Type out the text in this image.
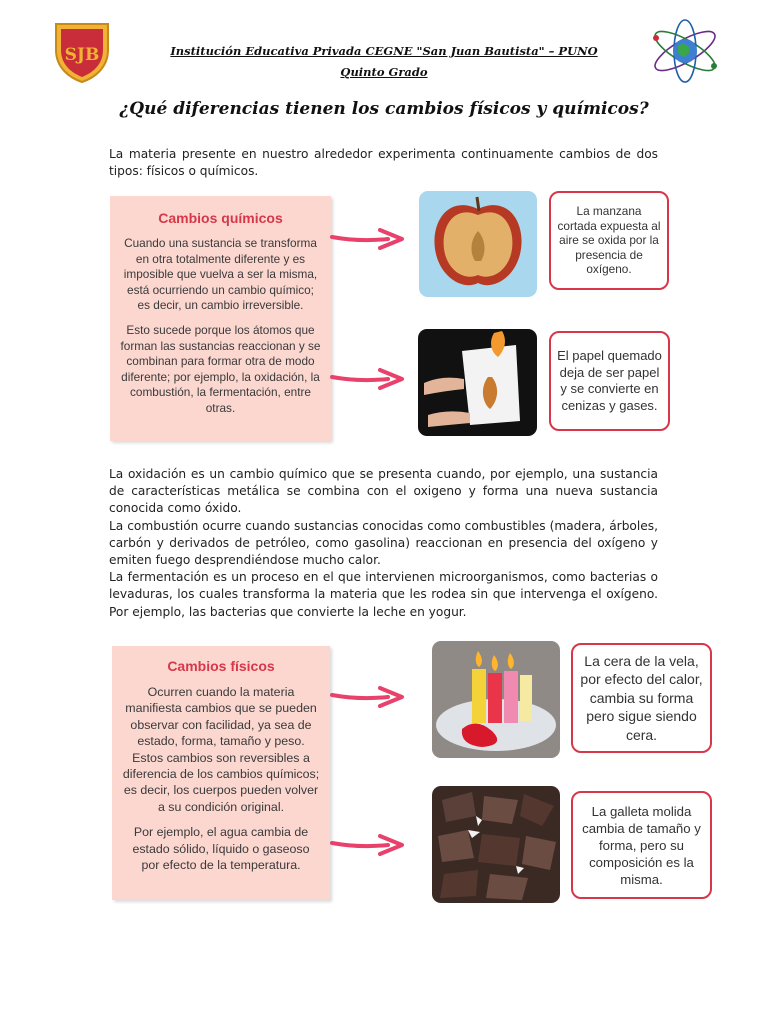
SJB	Institución Educativa Privada CEGNE "San Juan Bautista" – PUNO
Quinto Grado
¿Qué diferencias tienen los cambios físicos y químicos?

La materia presente en nuestro alrededor experimenta continuamente cambios de dos tipos: físicos o químicos.

Cambios químicos

Cuando una sustancia se transforma en otra totalmente diferente y es imposible que vuelva a ser la misma, está ocurriendo un cambio químico; es decir, un cambio irreversible.

Esto sucede porque los átomos que forman las sustancias reaccionan y se combinan para formar otra de modo diferente; por ejemplo, la oxidación, la combustión, la fermentación, entre otras.

La manzana cortada expuesta al aire se oxida por la presencia de oxígeno.
El papel quemado deja de ser papel y se convierte en cenizas y gases.

La oxidación es un cambio químico que se presenta cuando, por ejemplo, una sustancia de características metálica se combina con el oxigeno y forma una nueva sustancia conocida como óxido.

La combustión ocurre cuando sustancias conocidas como combustibles (madera, árboles, carbón y derivados de petróleo, como gasolina) reaccionan en presencia del oxígeno y emiten fuego desprendiéndose mucho calor.

La fermentación es un proceso en el que intervienen microorganismos, como bacterias o levaduras, los cuales transforma la materia que les rodea sin que intervenga el oxígeno. Por ejemplo, las bacterias que convierte la leche en yogur.

Cambios físicos

Ocurren cuando la materia manifiesta cambios que se pueden observar con facilidad, ya sea de estado, forma, tamaño y peso. Estos cambios son reversibles a diferencia de los cambios químicos; es decir, los cuerpos pueden volver a su condición original.

Por ejemplo, el agua cambia de estado sólido, líquido o gaseoso por efecto de la temperatura.

La cera de la vela, por efecto del calor, cambia su forma pero sigue siendo cera.
La galleta molida cambia de tamaño y forma, pero su composición es la misma.
